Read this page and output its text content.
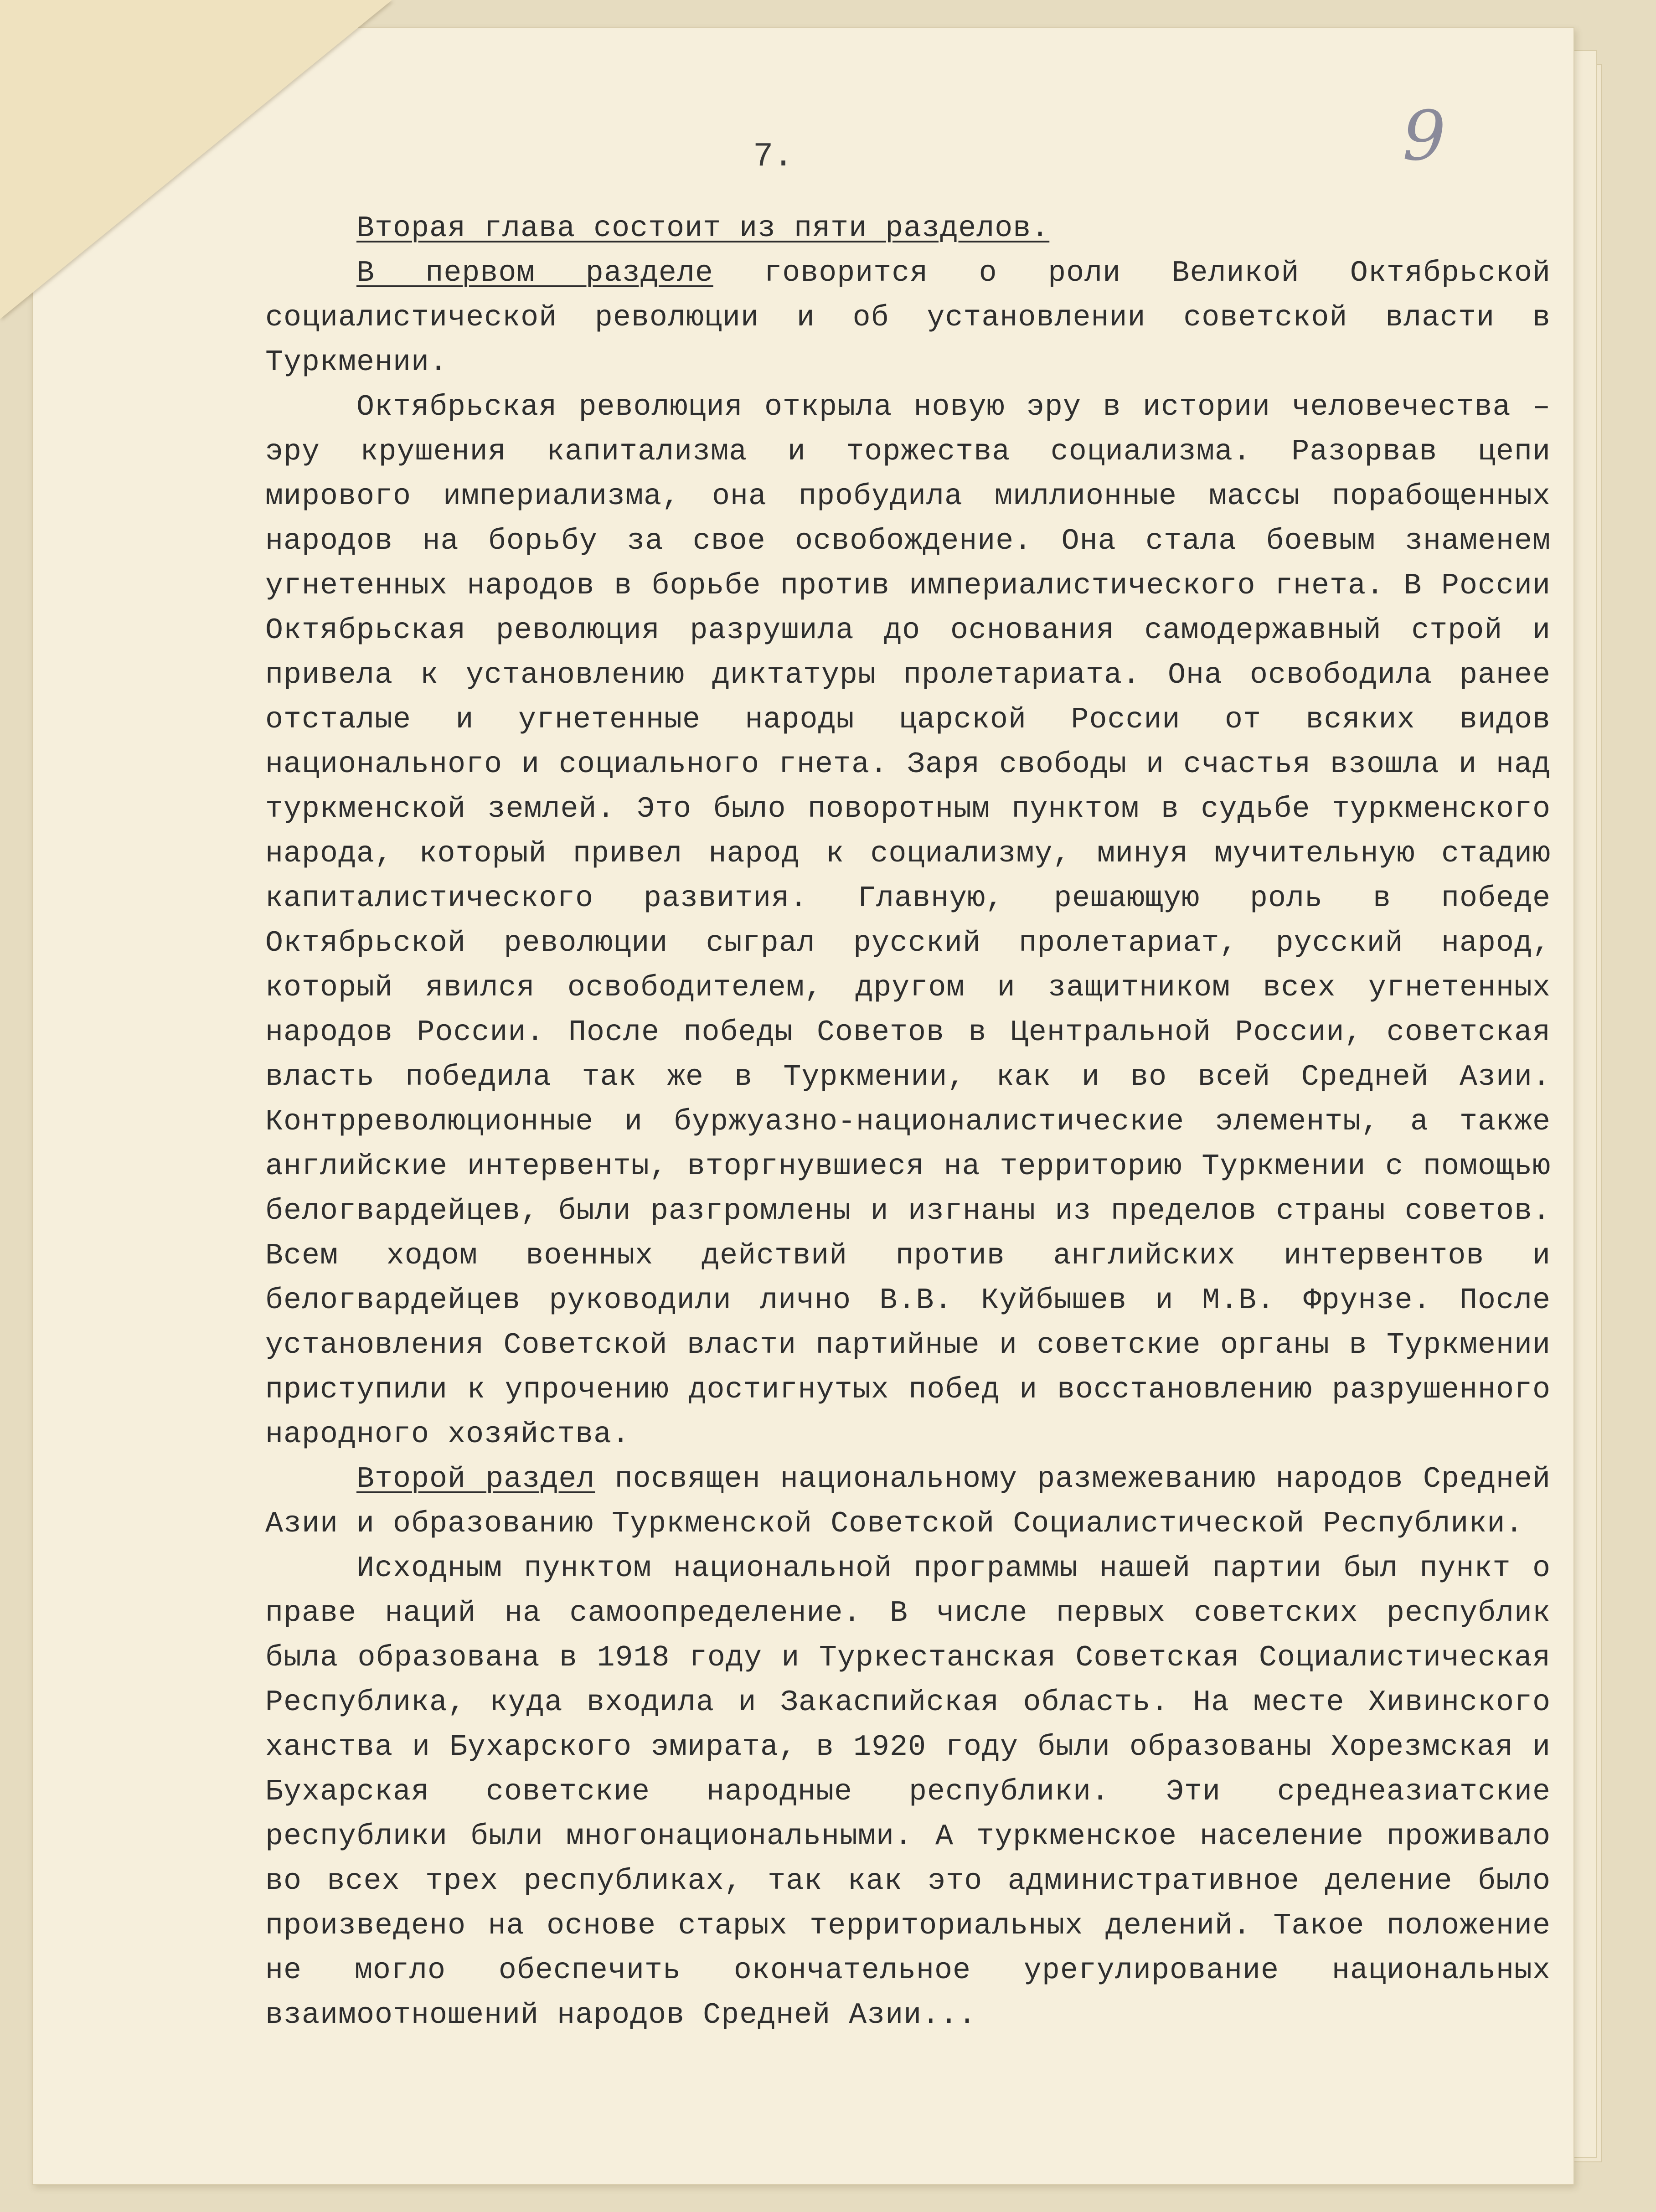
9
7.

Вторая глава состоит из пяти разделов.

В первом разделе говорится о роли Великой Октябрьской социалистической революции и об установлении советской власти в Туркмении.

Октябрьская революция открыла новую эру в истории человечества – эру крушения капитализма и торжества социализма. Разорвав цепи мирового империализма, она пробудила миллионные массы порабощенных народов на борьбу за свое освобождение. Она стала боевым знаменем угнетенных народов в борьбе против империалистического гнета. В России Октябрьская революция разрушила до основания самодержавный строй и привела к установлению диктатуры пролетариата. Она освободила ранее отсталые и угнетенные народы царской России от всяких видов национального и социального гнета. Заря свободы и счастья взошла и над туркменской землей. Это было поворотным пунктом в судьбе туркменского народа, который привел народ к социализму, минуя мучительную стадию капиталистического развития. Главную, решающую роль в победе Октябрьской революции сыграл русский пролетариат, русский народ, который явился освободителем, другом и защитником всех угнетенных народов России. После победы Советов в Центральной России, советская власть победила так же в Туркмении, как и во всей Средней Азии. Контрреволюционные и буржуазно-националистические элементы, а также английские интервенты, вторгнувшиеся на территорию Туркмении с помощью белогвардейцев, были разгромлены и изгнаны из пределов страны советов. Всем ходом военных действий против английских интервентов и белогвардейцев руководили лично В.В. Куйбышев и М.В. Фрунзе. После установления Советской власти партийные и советские органы в Туркмении приступили к упрочению достигнутых побед и восстановлению разрушенного народного хозяйства.

Второй раздел посвящен национальному размежеванию народов Средней Азии и образованию Туркменской Советской Социалистической Республики.

Исходным пунктом национальной программы нашей партии был пункт о праве наций на самоопределение. В числе первых советских республик была образована в 1918 году и Туркестанская Советская Социалистическая Республика, куда входила и Закаспийская область. На месте Хивинского ханства и Бухарского эмирата, в 1920 году были образованы Хорезмская и Бухарская советские народные республики. Эти среднеазиатские республики были многонациональными. А туркменское население проживало во всех трех республиках, так как это административное деление было произведено на основе старых территориальных делений. Такое положение не могло обеспечить окончательное урегулирование национальных взаимоотношений народов Средней Азии...
